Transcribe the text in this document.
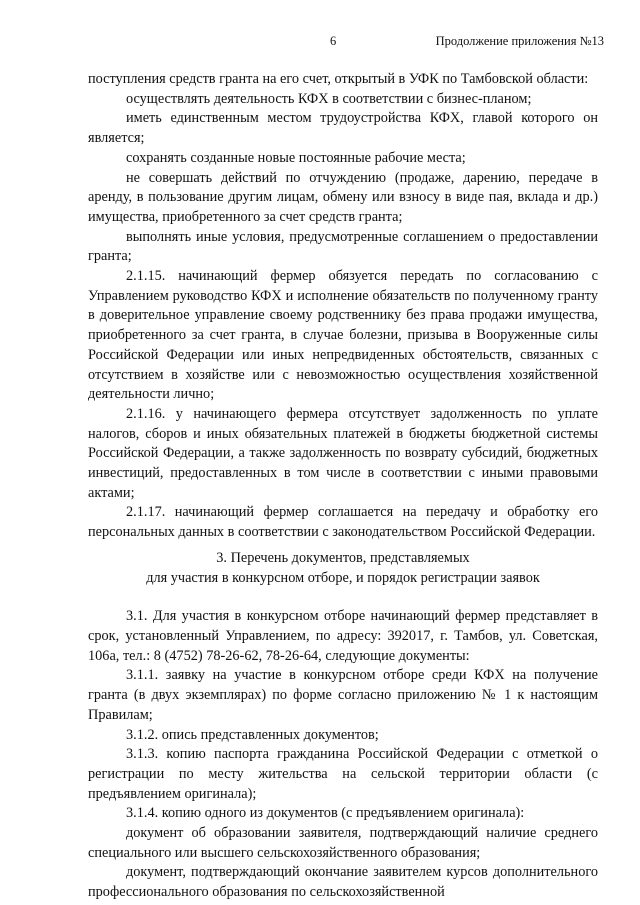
6	Продолжение приложения №13

поступления средств гранта на его счет, открытый в УФК по Тамбовской области:

осуществлять деятельность КФХ в соответствии с бизнес-планом;

иметь единственным местом трудоустройства КФХ, главой которого он является;

сохранять созданные новые постоянные рабочие места;

не совершать действий по отчуждению (продаже, дарению, передаче в аренду, в пользование другим лицам, обмену или взносу в виде пая, вклада и др.) имущества, приобретенного за счет средств гранта;

выполнять иные условия, предусмотренные соглашением о предоставлении гранта;

2.1.15. начинающий фермер обязуется передать по согласованию с Управлением руководство КФХ и исполнение обязательств по полученному гранту в доверительное управление своему родственнику без права продажи имущества, приобретенного за счет гранта, в случае болезни, призыва в Вооруженные силы Российской Федерации или иных непредвиденных обстоятельств, связанных с отсутствием в хозяйстве или с невозможностью осуществления хозяйственной деятельности лично;

2.1.16. у начинающего фермера отсутствует задолженность по уплате налогов, сборов и иных обязательных платежей в бюджеты бюджетной системы Российской Федерации, а также задолженность по возврату субсидий, бюджетных инвестиций, предоставленных в том числе в соответствии с иными правовыми актами;

2.1.17. начинающий фермер соглашается на передачу и обработку его персональных данных в соответствии с законодательством Российской Федерации.

3. Перечень документов, представляемых
для участия в конкурсном отборе, и порядок регистрации заявок

3.1. Для участия в конкурсном отборе начинающий фермер представляет в срок, установленный Управлением, по адресу: 392017, г. Тамбов, ул. Советская, 106а, тел.: 8 (4752) 78-26-62, 78-26-64, следующие документы:

3.1.1. заявку на участие в конкурсном отборе среди КФХ на получение гранта (в двух экземплярах) по форме согласно приложению № 1 к настоящим Правилам;

3.1.2. опись представленных документов;

3.1.3. копию паспорта гражданина Российской Федерации с отметкой о регистрации по месту жительства на сельской территории области (с предъявлением оригинала);

3.1.4. копию одного из документов (с предъявлением оригинала):

документ об образовании заявителя, подтверждающий наличие среднего специального или высшего сельскохозяйственного образования;

документ, подтверждающий окончание заявителем курсов дополнительного профессионального образования по сельскохозяйственной
